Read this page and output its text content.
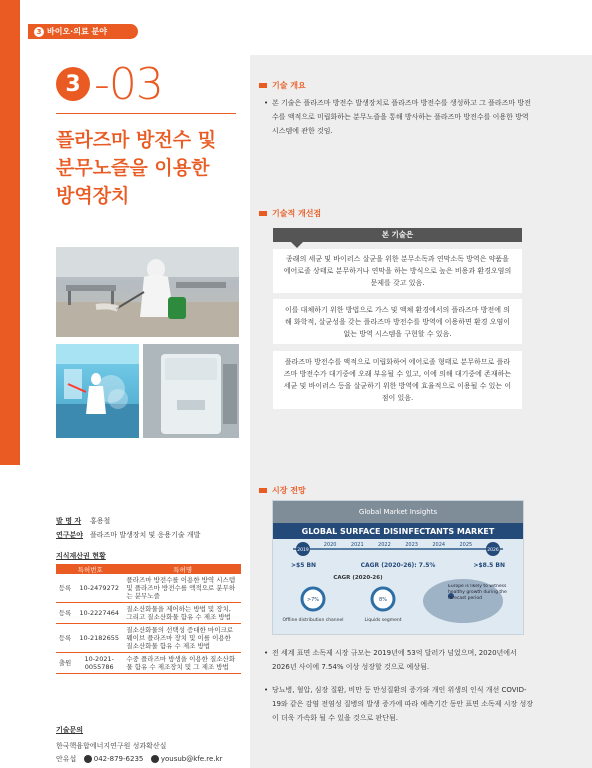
3 바이오·의료 분야
3 -03
플라즈마 방전수 및
분무노즐을 이용한
방역장치
발 명 자	홍용철
연구분야 플라즈마 발생장치 및 응용기술 개발
지식재산권 현황
특허번호		특허명
등록	10-2479272	플라즈마 방전수를 이용한 방역 시스템 및 플라즈마 방전수를 액적으로 분무하는 분무노즐
등록	10-2227464	질소산화물을 제어하는 방법 및 장치, 그리고 질소산화물 함유 수 제조 방법
등록	10-2182655	질소산화물의 선택성 증대한 마이크로웨이브 플라즈마 장치 및 이를 이용한 질소산화물 함유 수 제조 방법
출원	10-2021-0055786	수중 플라즈마 방생을 이용한 질소산화물 함유 수 제조장치 및 그 제조 방법
기술문의
한국핵융합에너지연구원 성과확산실
안유섭 042-879-6235 yousub@kfe.re.kr
기술 개요
• 본 기술은 플라즈마 방전수 발생장치로 플라즈마 방전수를 생성하고 그 플라즈마 방전수를 액적으로 미립화하는 분무노즐을 통해 방사하는 플라즈마 방전수를 이용한 방역 시스템에 관한 것임.
기술적 개선점
본 기술은
종래의 세균 및 바이러스 살균을 위한 분무소독과 연막소독 방역은 약품을 에어로졸 상태로 분무하거나 연막을 하는 방식으로 높은 비용과 환경오염의 문제를 갖고 있음.
이를 대체하기 위한 방법으로 가스 및 액체 환경에서의 플라즈마 방전에 의해 화학적, 살균성을 갖는 플라즈마 방전수를 방역에 이용하면 환경 오염이 없는 방역 시스템을 구현할 수 있음.
플라즈마 방전수를 액적으로 미립화하여 에어로졸 형태로 분무하므로 플라즈마 방전수가 대기중에 오래 부유될 수 있고, 이에 의해 대기중에 존재하는 세균 및 바이러스 등을 살균하기 위한 방역에 효율적으로 이용될 수 있는 이점이 있음.
시장 전망
Global Market Insights
GLOBAL SURFACE DISINFECTANTS MARKET
2019
2020	2021	2022	2023	2024	2025
2026
>$5 BN	CAGR (2020-26): 7.5%	>$8.5 BN
CAGR (2020-26)
>7%	8%
Offline distribution channel	Liquids segment
Europe is likely to witness healthy growth during the forecast period
• 전 세계 표면 소독제 시장 규모는 2019년에 53억 달러가 넘었으며, 2020년에서 2026년 사이에 7.54% 이상 성장할 것으로 예상됨.
• 당뇨병, 혈압, 심장 질환, 비만 등 만성질환의 증가와 개인 위생의 인식 개선 COVID-19와 같은 감염 전염성 질병의 발생 증가에 따라 예측기간 동안 표면 소독제 시장 성장이 더욱 가속화 될 수 있을 것으로 판단됨.
